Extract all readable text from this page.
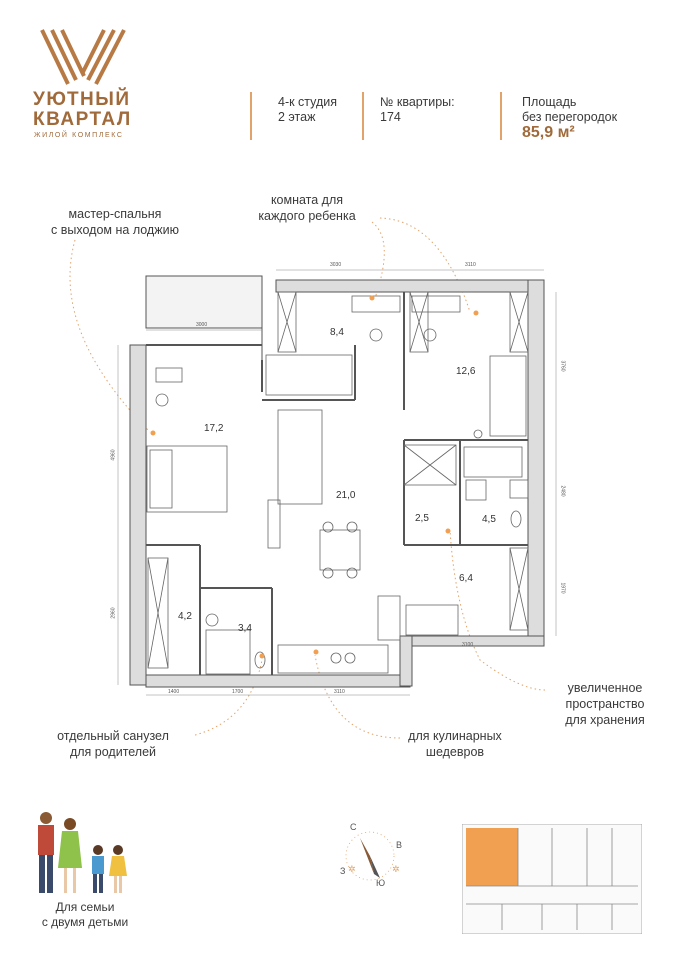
УЮТНЫЙ
КВАРТАЛ
ЖИЛОЙ КОМПЛЕКС
4-к студия
2 этаж
№ квартиры:
174
Площадь
без перегородок
85,9 м²
мастер-спальня
с выходом на лоджию
комната для
каждого ребенка
увеличенное
пространство
для хранения
отдельный санузел
для родителей
для кулинарных
шедевров
17,2
8,4
12,6
21,0
2,5	4,5
6,4
4,2
3,4
3030	3110
3000
3760
4960
2480
1970
2960
3100
1400	1700	3110
Для семьи
с двумя детьми
✲	✲
С
В
З
Ю
